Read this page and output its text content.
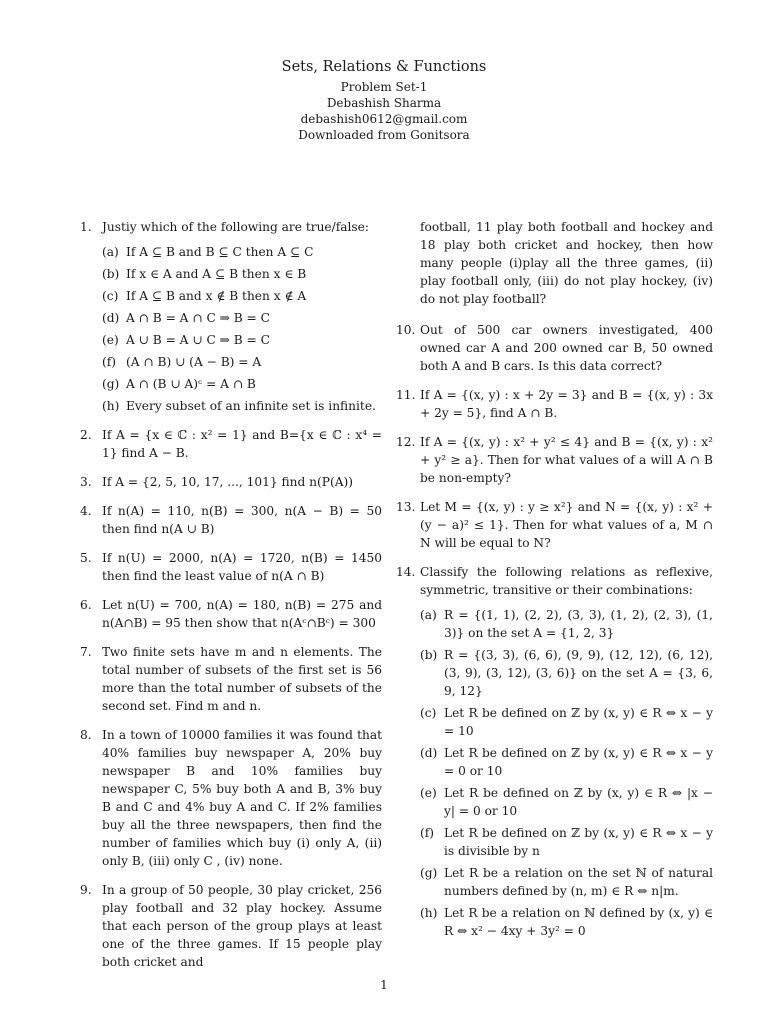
Sets, Relations & Functions
Problem Set-1
Debashish Sharma
debashish0612@gmail.com
Downloaded from Gonitsora
1. Justiy which of the following are true/false:
(a) If A ⊆ B and B ⊆ C then A ⊆ C
(b) If x ∈ A and A ⊆ B then x ∈ B
(c) If A ⊆ B and x ∉ B then x ∉ A
(d) A ∩ B = A ∩ C ⇒ B = C
(e) A ∪ B = A ∪ C ⇒ B = C
(f) (A ∩ B) ∪ (A − B) = A
(g) A ∩ (B ∪ A)ᶜ = A ∩ B
(h) Every subset of an infinite set is infinite.
2. If A = {x ∈ ℂ : x² = 1} and B={x ∈ ℂ : x⁴ = 1} find A − B.
3. If A = {2, 5, 10, 17, ..., 101} find n(P(A))
4. If n(A) = 110, n(B) = 300, n(A − B) = 50 then find n(A ∪ B)
5. If n(U) = 2000, n(A) = 1720, n(B) = 1450 then find the least value of n(A ∩ B)
6. Let n(U) = 700, n(A) = 180, n(B) = 275 and n(A∩B) = 95 then show that n(Aᶜ∩Bᶜ) = 300
7. Two finite sets have m and n elements. The total number of subsets of the first set is 56 more than the total number of subsets of the second set. Find m and n.
8. In a town of 10000 families it was found that 40% families buy newspaper A, 20% buy newspaper B and 10% families buy newspaper C, 5% buy both A and B, 3% buy B and C and 4% buy A and C. If 2% families buy all the three newspapers, then find the number of families which buy (i) only A, (ii) only B, (iii) only C , (iv) none.
9. In a group of 50 people, 30 play cricket, 256 play football and 32 play hockey. Assume that each person of the group plays at least one of the three games. If 15 people play both cricket and
football, 11 play both football and hockey and 18 play both cricket and hockey, then how many people (i)play all the three games, (ii) play football only, (iii) do not play hockey, (iv) do not play football?
10. Out of 500 car owners investigated, 400 owned car A and 200 owned car B, 50 owned both A and B cars. Is this data correct?
11. If A = {(x, y) : x + 2y = 3} and B = {(x, y) : 3x + 2y = 5}, find A ∩ B.
12. If A = {(x, y) : x² + y² ≤ 4} and B = {(x, y) : x² + y² ≥ a}. Then for what values of a will A ∩ B be non-empty?
13. Let M = {(x, y) : y ≥ x²} and N = {(x, y) : x² + (y − a)² ≤ 1}. Then for what values of a, M ∩ N will be equal to N?
14. Classify the following relations as reflexive, symmetric, transitive or their combinations:
(a) R = {(1, 1), (2, 2), (3, 3), (1, 2), (2, 3), (1, 3)} on the set A = {1, 2, 3}
(b) R = {(3, 3), (6, 6), (9, 9), (12, 12), (6, 12), (3, 9), (3, 12), (3, 6)} on the set A = {3, 6, 9, 12}
(c) Let R be defined on ℤ by (x, y) ∈ R ⇔ x − y = 10
(d) Let R be defined on ℤ by (x, y) ∈ R ⇔ x − y = 0 or 10
(e) Let R be defined on ℤ by (x, y) ∈ R ⇔ |x − y| = 0 or 10
(f) Let R be defined on ℤ by (x, y) ∈ R ⇔ x − y is divisible by n
(g) Let R be a relation on the set ℕ of natural numbers defined by (n, m) ∈ R ⇔ n|m.
(h) Let R be a relation on ℕ defined by (x, y) ∈ R ⇔ x² − 4xy + 3y² = 0
1
